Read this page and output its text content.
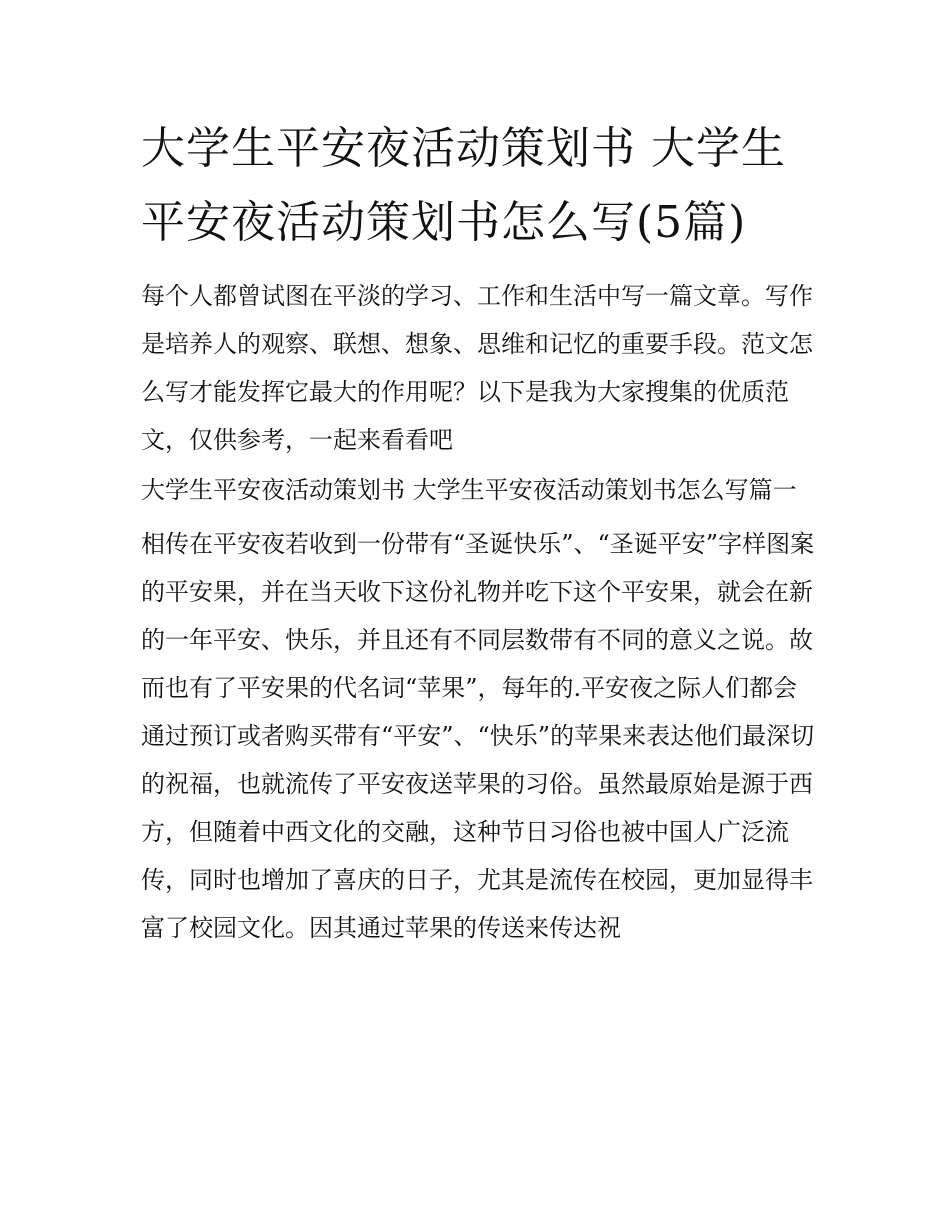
大学生平安夜活动策划书 大学生平安夜活动策划书怎么写(5篇)

每个人都曾试图在平淡的学习、工作和生活中写一篇文章。写作是培养人的观察、联想、想象、思维和记忆的重要手段。范文怎么写才能发挥它最大的作用呢？以下是我为大家搜集的优质范文，仅供参考，一起来看看吧

大学生平安夜活动策划书 大学生平安夜活动策划书怎么写篇一

相传在平安夜若收到一份带有“圣诞快乐”、“圣诞平安”字样图案的平安果，并在当天收下这份礼物并吃下这个平安果，就会在新的一年平安、快乐，并且还有不同层数带有不同的意义之说。故而也有了平安果的代名词“苹果”，每年的.平安夜之际人们都会通过预订或者购买带有“平安”、“快乐”的苹果来表达他们最深切的祝福，也就流传了平安夜送苹果的习俗。虽然最原始是源于西方，但随着中西文化的交融，这种节日习俗也被中国人广泛流传，同时也增加了喜庆的日子，尤其是流传在校园，更加显得丰富了校园文化。因其通过苹果的传送来传达祝
